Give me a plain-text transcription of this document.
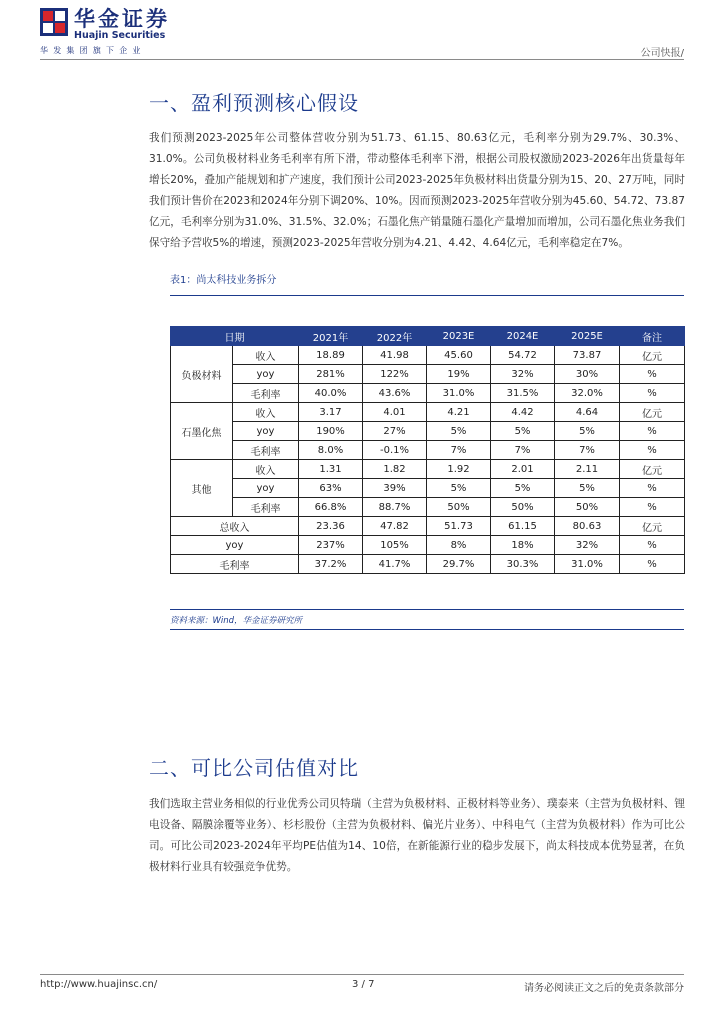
华金证券
Huajin Securities
华发集团旗下企业	公司快报/
一、盈利预测核心假设

我们预测2023-2025年公司整体营收分别为51.73、61.15、80.63亿元，毛利率分别为29.7%、30.3%、31.0%。公司负极材料业务毛利率有所下滑，带动整体毛利率下滑，根据公司股权激励2023-2026年出货量每年增长20%，叠加产能规划和扩产速度，我们预计公司2023-2025年负极材料出货量分别为15、20、27万吨，同时我们预计售价在2023和2024年分别下调20%、10%。因而预测2023-2025年营收分别为45.60、54.72、73.87亿元，毛利率分别为31.0%、31.5%、32.0%；石墨化焦产销量随石墨化产量增加而增加，公司石墨化焦业务我们保守给予营收5%的增速，预测2023-2025年营收分别为4.21、4.42、4.64亿元，毛利率稳定在7%。

表1：尚太科技业务拆分
日期		2021年	2022年	2023E	2024E	2025E	备注
负极材料	收入	18.89	41.98	45.60	54.72	73.87	亿元
	yoy	281%	122%	19%	32%	30%	%
	毛利率	40.0%	43.6%	31.0%	31.5%	32.0%	%
石墨化焦	收入	3.17	4.01	4.21	4.42	4.64	亿元
	yoy	190%	27%	5%	5%	5%	%
	毛利率	8.0%	-0.1%	7%	7%	7%	%
其他	收入	1.31	1.82	1.92	2.01	2.11	亿元
	yoy	63%	39%	5%	5%	5%	%
	毛利率	66.8%	88.7%	50%	50%	50%	%
总收入		23.36	47.82	51.73	61.15	80.63	亿元
yoy		237%	105%	8%	18%	32%	%
毛利率		37.2%	41.7%	29.7%	30.3%	31.0%	%
资料来源：Wind，华金证券研究所
二、可比公司估值对比

我们选取主营业务相似的行业优秀公司贝特瑞（主营为负极材料、正极材料等业务）、璞泰来（主营为负极材料、锂电设备、隔膜涂覆等业务）、杉杉股份（主营为负极材料、偏光片业务）、中科电气（主营为负极材料）作为可比公司。可比公司2023-2024年平均PE估值为14、10倍，在新能源行业的稳步发展下，尚太科技成本优势显著，在负极材料行业具有较强竞争优势。

http://www.huajinsc.cn/	3 / 7	请务必阅读正文之后的免责条款部分
